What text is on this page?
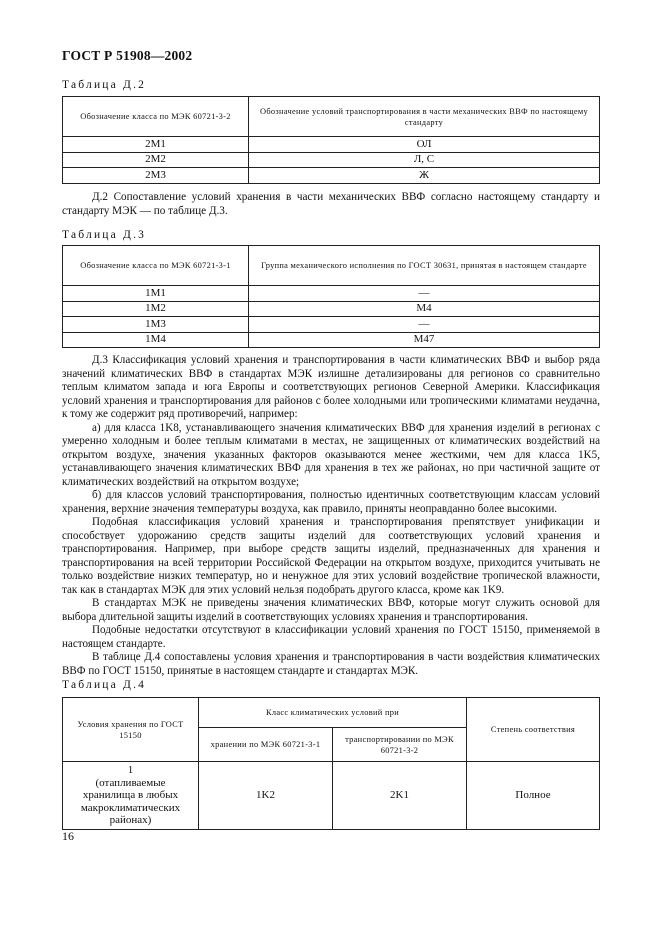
ГОСТ Р 51908—2002
Таблица Д.2
Обозначение класса по МЭК 60721-3-2	Обозначение условий транспортирования в части механических ВВФ по настоящему стандарту
2M1	ОЛ
2M2	Л, С
2M3	Ж

Д.2 Сопоставление условий хранения в части механических ВВФ согласно настоящему стандарту и стандарту МЭК — по таблице Д.3.

Таблица Д.3
Обозначение класса по МЭК 60721-3-1	Группа механического исполнения по ГОСТ 30631, принятая в настоящем стандарте
1M1	—
1M2	M4
1M3	—
1M4	M47

Д.3 Классификация условий хранения и транспортирования в части климатических ВВФ и выбор ряда значений климатических ВВФ в стандартах МЭК излишне детализированы для регионов со сравнительно теплым климатом запада и юга Европы и соответствующих регионов Северной Америки. Классификация условий хранения и транспортирования для районов с более холодными или тропическими климатами неудачна, к тому же содержит ряд противоречий, например:

а) для класса 1K8, устанавливающего значения климатических ВВФ для хранения изделий в регионах с умеренно холодным и более теплым климатами в местах, не защищенных от климатических воздействий на открытом воздухе, значения указанных факторов оказываются менее жесткими, чем для класса 1K5, устанавливающего значения климатических ВВФ для хранения в тех же районах, но при частичной защите от климатических воздействий на открытом воздухе;

б) для классов условий транспортирования, полностью идентичных соответствующим классам условий хранения, верхние значения температуры воздуха, как правило, приняты неоправданно более высокими.

Подобная классификация условий хранения и транспортирования препятствует унификации и способствует удорожанию средств защиты изделий для соответствующих условий хранения и транспортирования. Например, при выборе средств защиты изделий, предназначенных для хранения и транспортирования на всей территории Российской Федерации на открытом воздухе, приходится учитывать не только воздействие низких температур, но и ненужное для этих условий воздействие тропической влажности, так как в стандартах МЭК для этих условий нельзя подобрать другого класса, кроме как 1K9.

В стандартах МЭК не приведены значения климатических ВВФ, которые могут служить основой для выбора длительной защиты изделий в соответствующих условиях хранения и транспортирования.

Подобные недостатки отсутствуют в классификации условий хранения по ГОСТ 15150, применяемой в настоящем стандарте.

В таблице Д.4 сопоставлены условия хранения и транспортирования в части воздействия климатических ВВФ по ГОСТ 15150, принятые в настоящем стандарте и стандартах МЭК.

Таблица Д.4
Условия хранения по ГОСТ 15150	Класс климатических условий при		Степень соответствия
	хранении по МЭК 60721-3-1	транспортировании по МЭК 60721-3-2	

1
(отапливаемые хранилища в любых макроклиматических районах)	1K2	2K1	Полное
16
